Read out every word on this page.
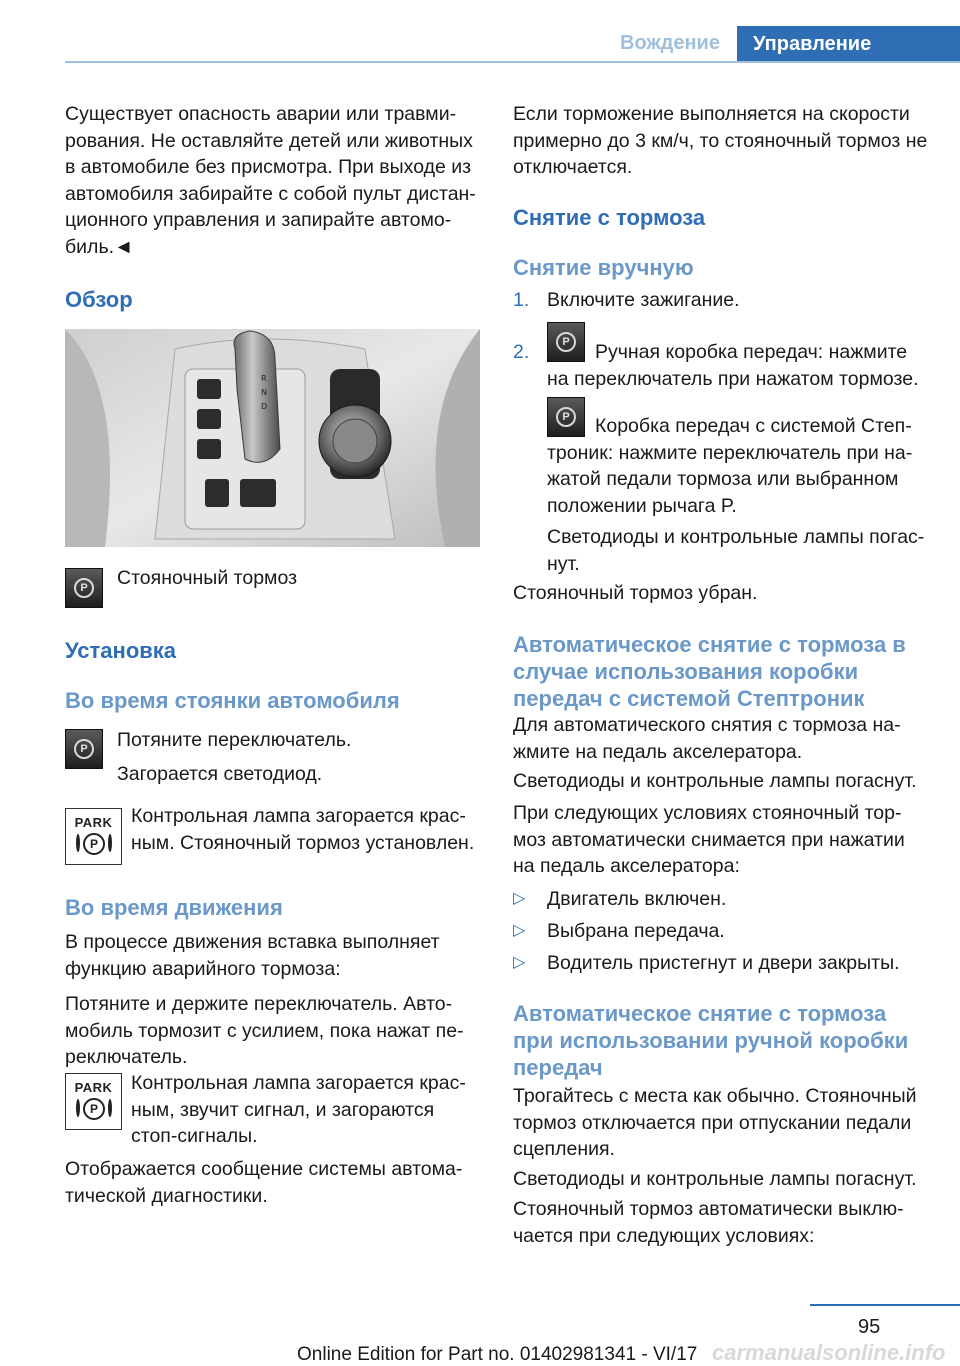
Вождение	Управление

Существует опасность аварии или травми-
рования. Не оставляйте детей или животных
в автомобиле без присмотра. При выходе из
автомобиля забирайте с собой пульт дистан-
ционного управления и запирайте автомо-
биль.◄

Обзор
R
N
D
P	Стояночный тормоз

Установка
Во время стоянки автомобиля
P	Потяните переключатель.

Загорается светодиод.

PARK
P

Контрольная лампа загорается крас-
ным. Стояночный тормоз установлен.

Во время движения

В процессе движения вставка выполняет
функцию аварийного тормоза:

Потяните и держите переключатель. Авто-
мобиль тормозит с усилием, пока нажат пе-
реключатель.

PARK
P

Контрольная лампа загорается крас-
ным, звучит сигнал, и загораются
стоп-сигналы.

Отображается сообщение системы автома-
тической диагностики.

Если торможение выполняется на скорости
примерно до 3 км/ч, то стояночный тормоз не
отключается.

Снятие с тормоза
Снятие вручную
1. Включите зажигание.

2.	P	Ручная коробка передач: нажмите
на переключатель при нажатом тормозе.

P	Коробка передач с системой Степ-
троник: нажмите переключатель при на-
жатой педали тормоза или выбранном
положении рычага P.

Светодиоды и контрольные лампы погас-
нут.

Стояночный тормоз убран.

Автоматическое снятие с тормоза в
случае использования коробки
передач с системой Стептроник

Для автоматического снятия с тормоза на-
жмите на педаль акселератора.

Светодиоды и контрольные лампы погаснут.

При следующих условиях стояночный тор-
моз автоматически снимается при нажатии
на педаль акселератора:

▷ Двигатель включен.

▷ Выбрана передача.

▷ Водитель пристегнут и двери закрыты.

Автоматическое снятие с тормоза
при использовании ручной коробки
передач

Трогайтесь с места как обычно. Стояночный
тормоз отключается при отпускании педали
сцепления.

Светодиоды и контрольные лампы погаснут.

Стояночный тормоз автоматически выклю-
чается при следующих условиях:

95
carmanualsonline.info
Online Edition for Part no. 01402981341 - VI/17
